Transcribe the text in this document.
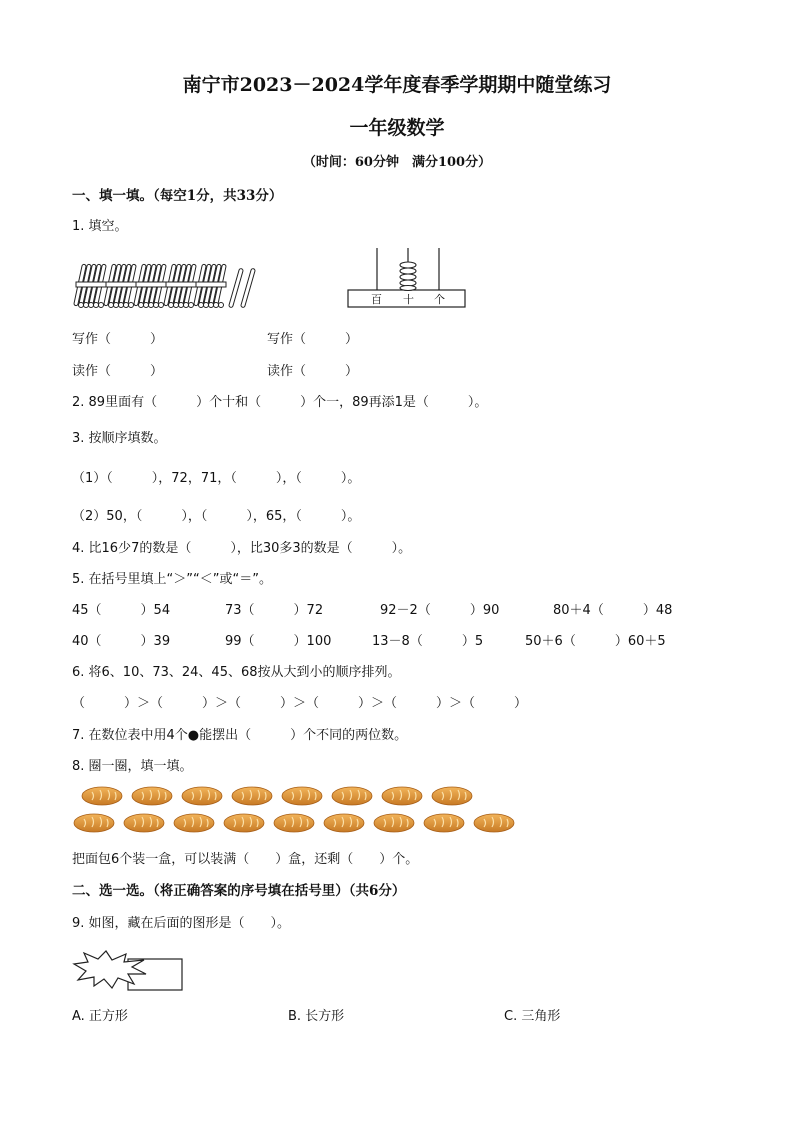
南宁市2023－2024学年度春季学期期中随堂练习
一年级数学
（时间：60分钟　满分100分）
一、填一填。（每空1分，共33分）
1. 填空。
百 十 个
写作（　　　）	写作（　　　）
读作（　　　）	读作（　　　）
2. 89里面有（　　　）个十和（　　　）个一，89再添1是（　　　）。
3. 按顺序填数。
（1）（　　　），72，71，（　　　），（　　　）。
（2）50，（　　　），（　　　），65，（　　　）。
4. 比16少7的数是（　　　），比30多3的数是（　　　）。
5. 在括号里填上“＞”“＜”或“＝”。
45（　　　）54	73（　　　）72	92－2（　　　）90	80＋4（　　　）48
40（　　　）39	99（　　　）100	13－8（　　　）5	50＋6（　　　）60＋5
6. 将6、10、73、24、45、68按从大到小的顺序排列。
（　　　）＞（　　　）＞（　　　）＞（　　　）＞（　　　）＞（　　　）
7. 在数位表中用4个●能摆出（　　　）个不同的两位数。
8. 圈一圈，填一填。
把面包6个装一盒，可以装满（　　）盒，还剩（　　）个。
二、选一选。（将正确答案的序号填在括号里）（共6分）
9. 如图，藏在后面的图形是（　　）。
A. 正方形	B. 长方形	C. 三角形
